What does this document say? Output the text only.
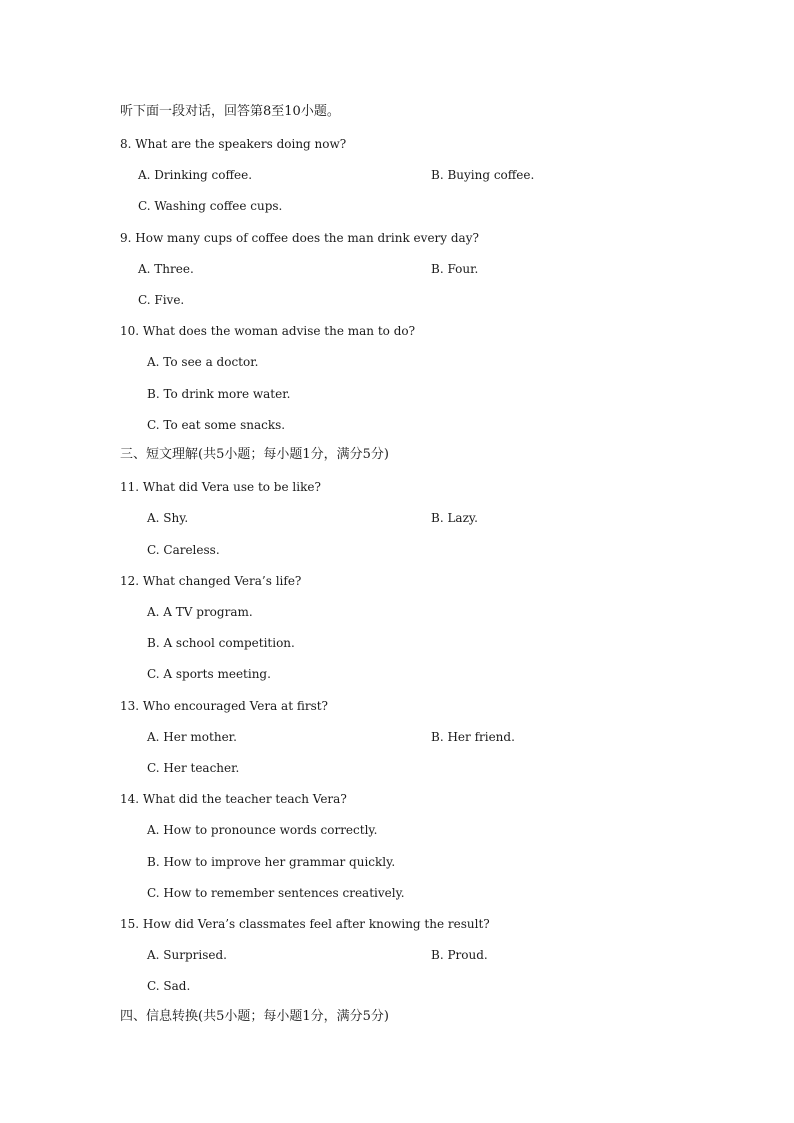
听下面一段对话，回答第8至10小题。
8. What are the speakers doing now?
A. Drinking coffee.	B. Buying coffee.
C. Washing coffee cups.
9. How many cups of coffee does the man drink every day?
A. Three.	B. Four.
C. Five.
10. What does the woman advise the man to do?
A. To see a doctor.
B. To drink more water.
C. To eat some snacks.
三、短文理解(共5小题；每小题1分，满分5分)
11. What did Vera use to be like?
A. Shy.	B. Lazy.
C. Careless.
12. What changed Vera’s life?
A. A TV program.
B. A school competition.
C. A sports meeting.
13. Who encouraged Vera at first?
A. Her mother.	B. Her friend.
C. Her teacher.
14. What did the teacher teach Vera?
A. How to pronounce words correctly.
B. How to improve her grammar quickly.
C. How to remember sentences creatively.
15. How did Vera’s classmates feel after knowing the result?
A. Surprised.	B. Proud.
C. Sad.
四、信息转换(共5小题；每小题1分，满分5分)
